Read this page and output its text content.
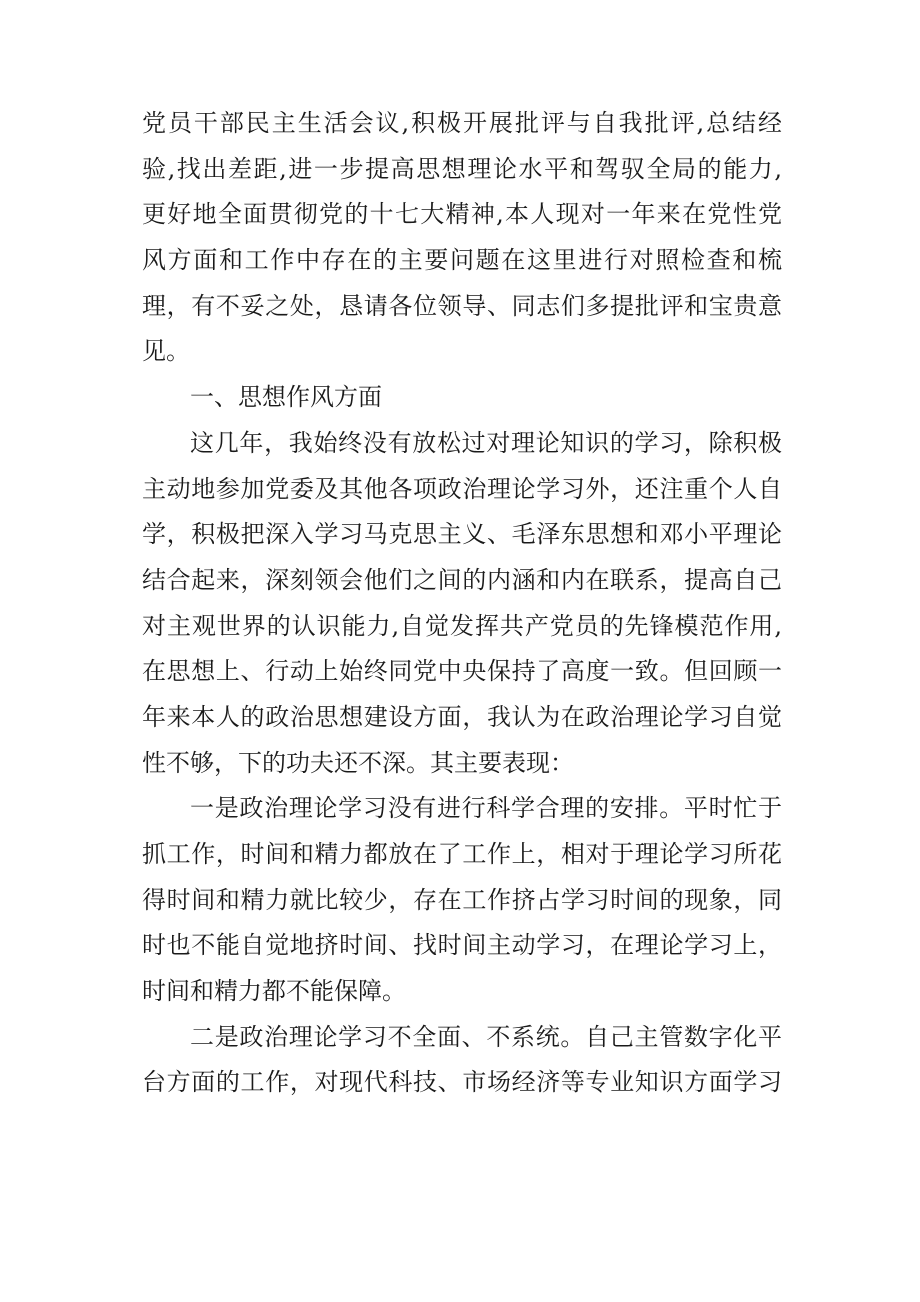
党员干部民主生活会议,积极开展批评与自我批评,总结经
验,找出差距,进一步提高思想理论水平和驾驭全局的能力,
更好地全面贯彻党的十七大精神,本人现对一年来在党性党
风方面和工作中存在的主要问题在这里进行对照检查和梳
理，有不妥之处，恳请各位领导、同志们多提批评和宝贵意
见。
一、思想作风方面
这几年，我始终没有放松过对理论知识的学习，除积极
主动地参加党委及其他各项政治理论学习外，还注重个人自
学，积极把深入学习马克思主义、毛泽东思想和邓小平理论
结合起来，深刻领会他们之间的内涵和内在联系，提高自己
对主观世界的认识能力,自觉发挥共产党员的先锋模范作用,
在思想上、行动上始终同党中央保持了高度一致。但回顾一
年来本人的政治思想建设方面，我认为在政治理论学习自觉
性不够，下的功夫还不深。其主要表现：
一是政治理论学习没有进行科学合理的安排。平时忙于
抓工作，时间和精力都放在了工作上，相对于理论学习所花
得时间和精力就比较少，存在工作挤占学习时间的现象，同
时也不能自觉地挤时间、找时间主动学习，在理论学习上，
时间和精力都不能保障。
二是政治理论学习不全面、不系统。自己主管数字化平
台方面的工作，对现代科技、市场经济等专业知识方面学习
